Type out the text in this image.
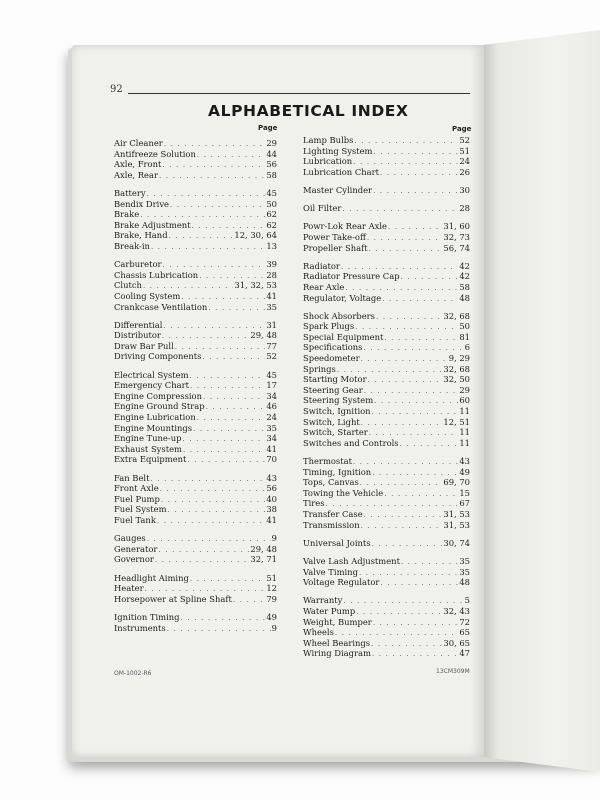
92
ALPHABETICAL INDEX
Page	Page
Air Cleaner . . .	29
Antifreeze Solution . . .	44
Axle, Front . . .	56
Axle, Rear . . .	58
Battery . . .	45
Bendix Drive . . .	50
Brake . . .	62
Brake Adjustment . . .	62
Brake, Hand . . .	12, 30, 64
Break-in . . .	13
Carburetor . . .	39
Chassis Lubrication . . .	28
Clutch . . .	31, 32, 53
Cooling System . . .	41
Crankcase Ventilation . . .	35
Differential . . .	31
Distributor . . .	29, 48
Draw Bar Pull . . .	77
Driving Components . . .	52
Electrical System . . .	45
Emergency Chart . . .	17
Engine Compression . . .	34
Engine Ground Strap . . .	46
Engine Lubrication . . .	24
Engine Mountings . . .	35
Engine Tune-up . . .	34
Exhaust System . . .	41
Extra Equipment . . .	70
Fan Belt . . .	43
Front Axle . . .	56
Fuel Pump . . .	40
Fuel System . . .	38
Fuel Tank . . .	41
Gauges . . .	9
Generator . . .	29, 48
Governor . . .	32, 71
Headlight Aiming . . .	51
Heater . . .	12
Horsepower at Spline Shaft . . .	79
Ignition Timing . . .	49
Instruments . . .	9
Lamp Bulbs . . .	52
Lighting System . . .	51
Lubrication . . .	24
Lubrication Chart . . .	26
Master Cylinder . . .	30
Oil Filter . . .	28
Powr-Lok Rear Axle . . .	31, 60
Power Take-off . . .	32, 73
Propeller Shaft . . .	56, 74
Radiator . . .	42
Radiator Pressure Cap . . .	42
Rear Axle . . .	58
Regulator, Voltage . . .	48
Shock Absorbers . . .	32, 68
Spark Plugs . . .	50
Special Equipment . . .	81
Specifications . . .	6
Speedometer . . .	9, 29
Springs . . .	32, 68
Starting Motor . . .	32, 50
Steering Gear . . .	29
Steering System . . .	60
Switch, Ignition . . .	11
Switch, Light . . .	12, 51
Switch, Starter . . .	11
Switches and Controls . . .	11
Thermostat . . .	43
Timing, Ignition . . .	49
Tops, Canvas . . .	69, 70
Towing the Vehicle . . .	15
Tires . . .	67
Transfer Case . . .	31, 53
Transmission . . .	31, 53
Universal Joints . . .	30, 74
Valve Lash Adjustment . . .	35
Valve Timing . . .	35
Voltage Regulator . . .	48
Warranty . . .	5
Water Pump . . .	32, 43
Weight, Bumper . . .	72
Wheels . . .	65
Wheel Bearings . . .	30, 65
Wiring Diagram . . .	47
OM-1002-R6	13CM309M
